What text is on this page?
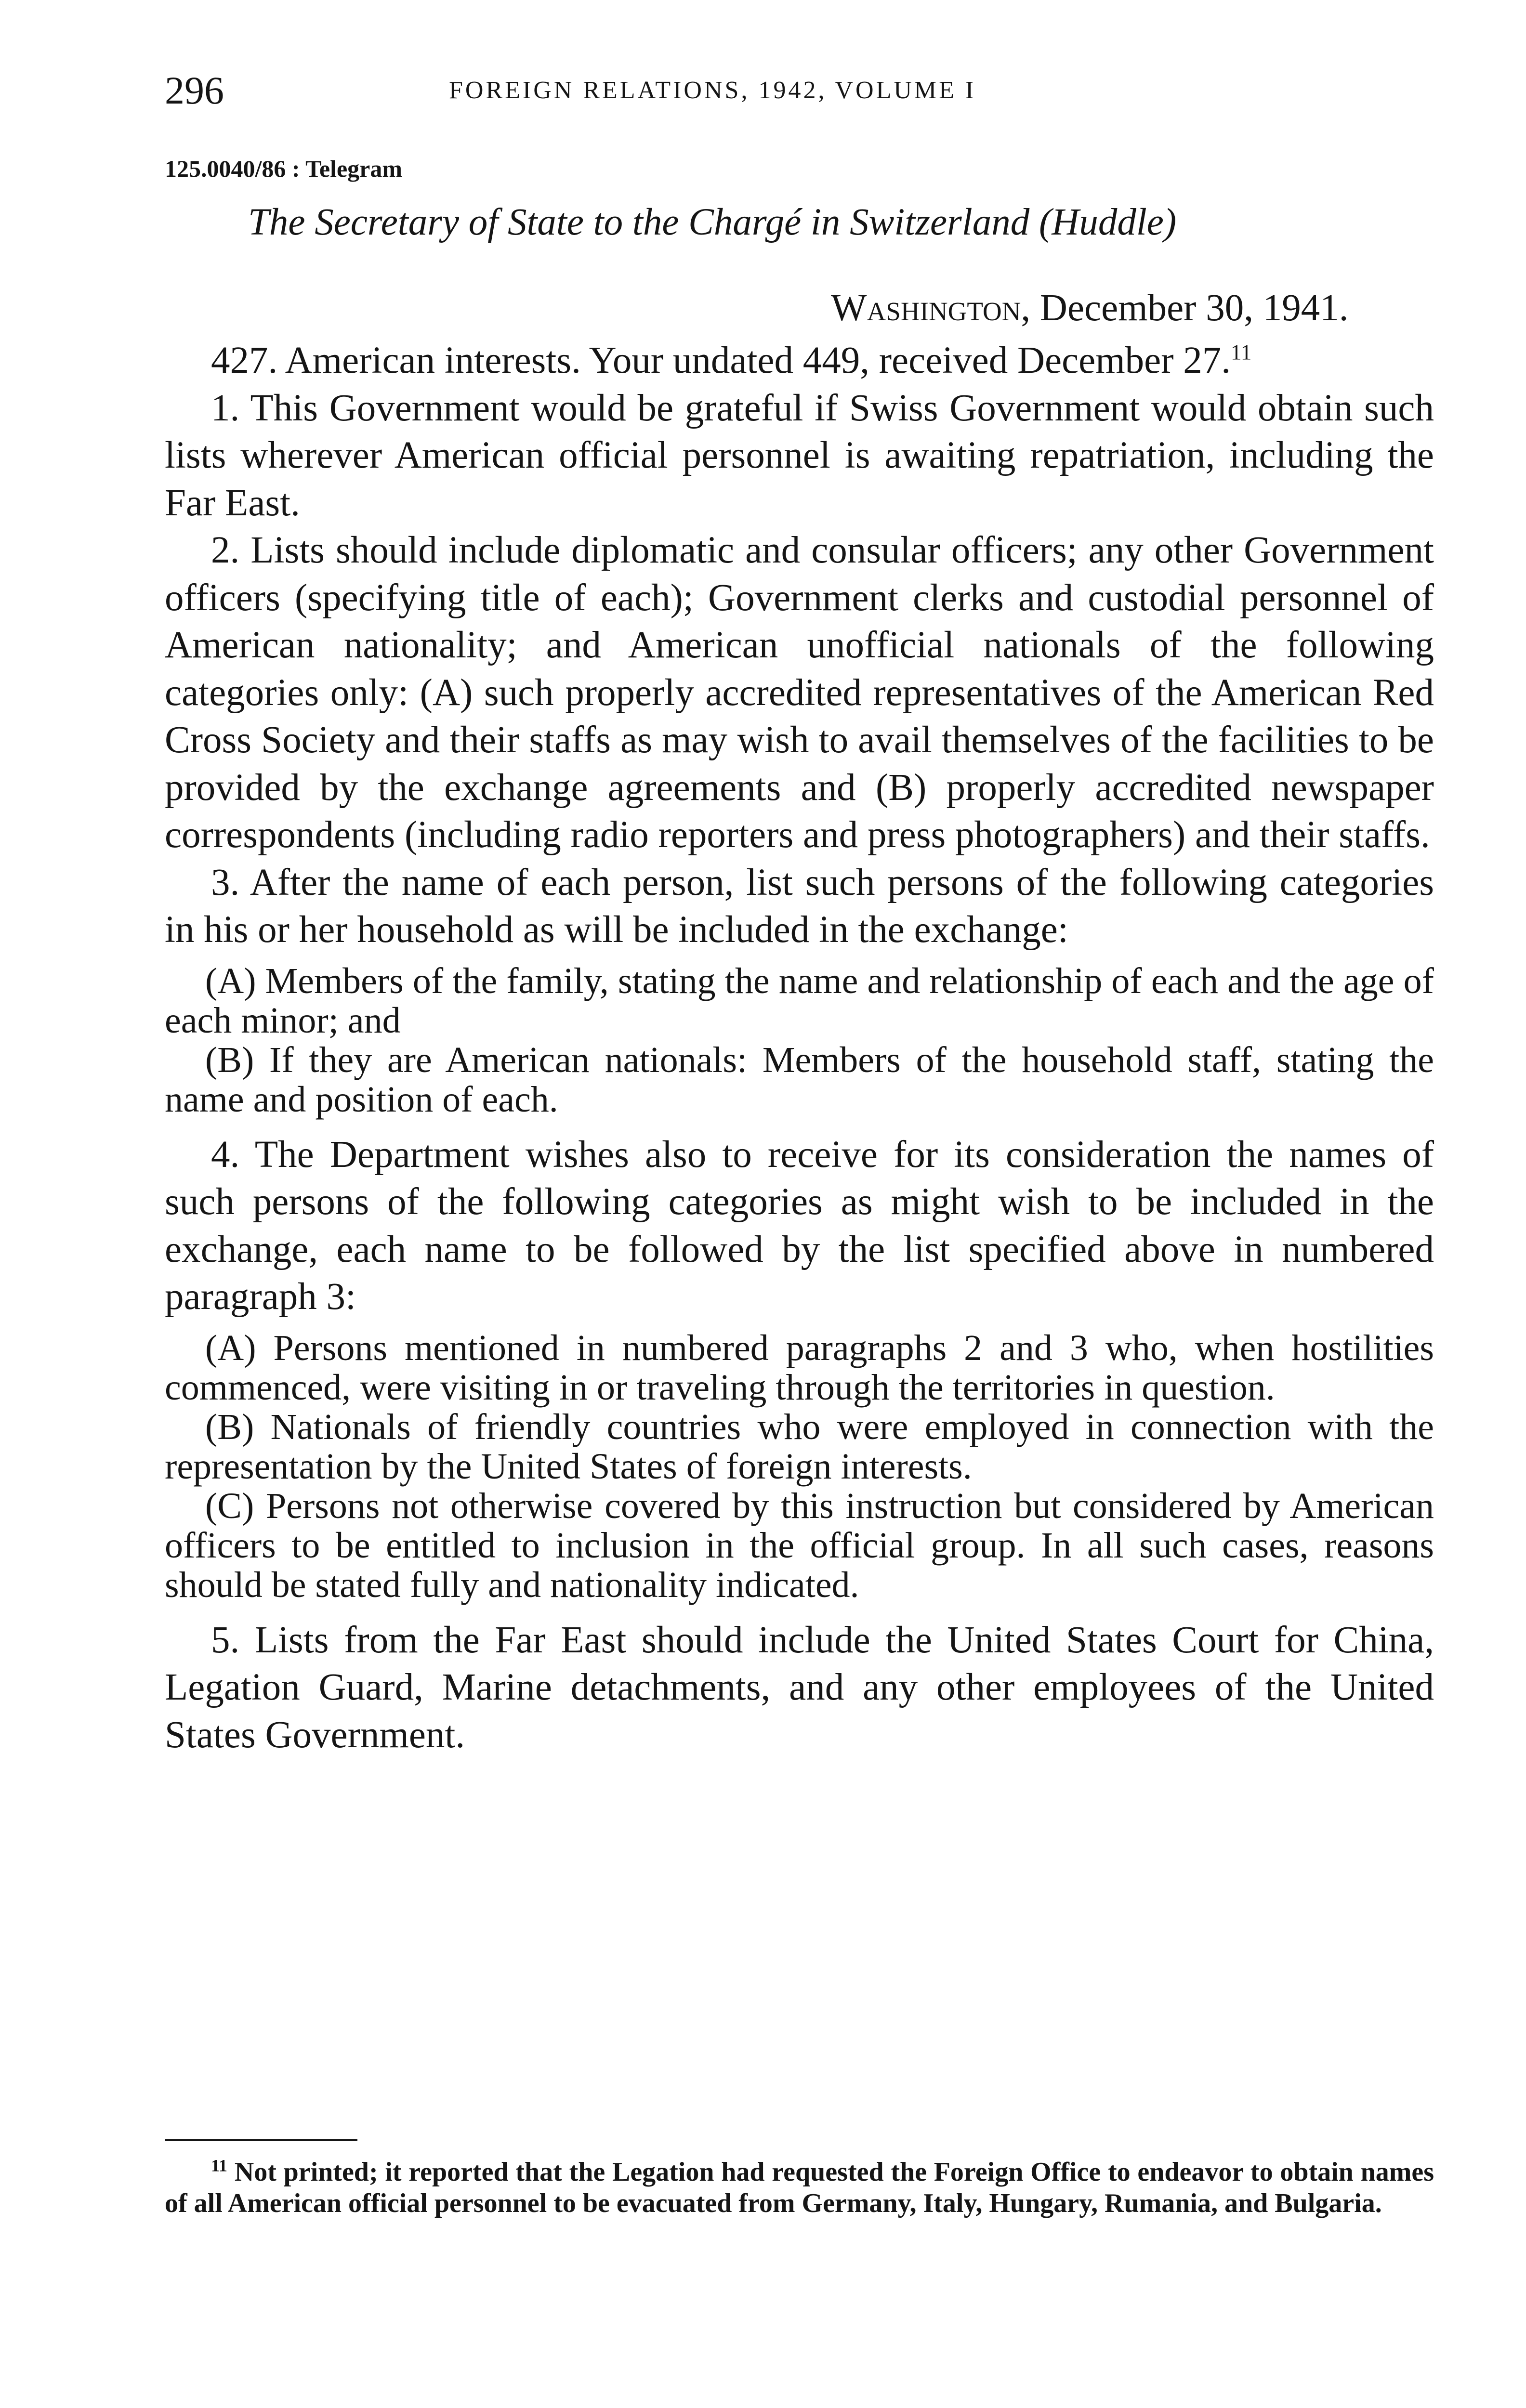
296	FOREIGN RELATIONS, 1942, VOLUME I
125.0040/86 : Telegram
The Secretary of State to the Chargé in Switzerland (Huddle)
Washington, December 30, 1941.

427. American interests. Your undated 449, received December 27.11

1. This Government would be grateful if Swiss Government would obtain such lists wherever American official personnel is awaiting repatriation, including the Far East.

2. Lists should include diplomatic and consular officers; any other Government officers (specifying title of each); Government clerks and custodial personnel of American nationality; and American unofficial nationals of the following categories only: (A) such properly accredited representatives of the American Red Cross Society and their staffs as may wish to avail themselves of the facilities to be provided by the exchange agreements and (B) properly accredited newspaper correspondents (including radio reporters and press photographers) and their staffs.

3. After the name of each person, list such persons of the following categories in his or her household as will be included in the exchange:

(A) Members of the family, stating the name and relationship of each and the age of each minor; and

(B) If they are American nationals: Members of the household staff, stating the name and position of each.

4. The Department wishes also to receive for its consideration the names of such persons of the following categories as might wish to be included in the exchange, each name to be followed by the list specified above in numbered paragraph 3:

(A) Persons mentioned in numbered paragraphs 2 and 3 who, when hostilities commenced, were visiting in or traveling through the territories in question.

(B) Nationals of friendly countries who were employed in connection with the representation by the United States of foreign interests.

(C) Persons not otherwise covered by this instruction but considered by American officers to be entitled to inclusion in the official group. In all such cases, reasons should be stated fully and nationality indicated.

5. Lists from the Far East should include the United States Court for China, Legation Guard, Marine detachments, and any other employees of the United States Government.

$^{11}$ Not printed; it reported that the Legation had requested the Foreign Office to endeavor to obtain names of all American official personnel to be evacuated from Germany, Italy, Hungary, Rumania, and Bulgaria.
